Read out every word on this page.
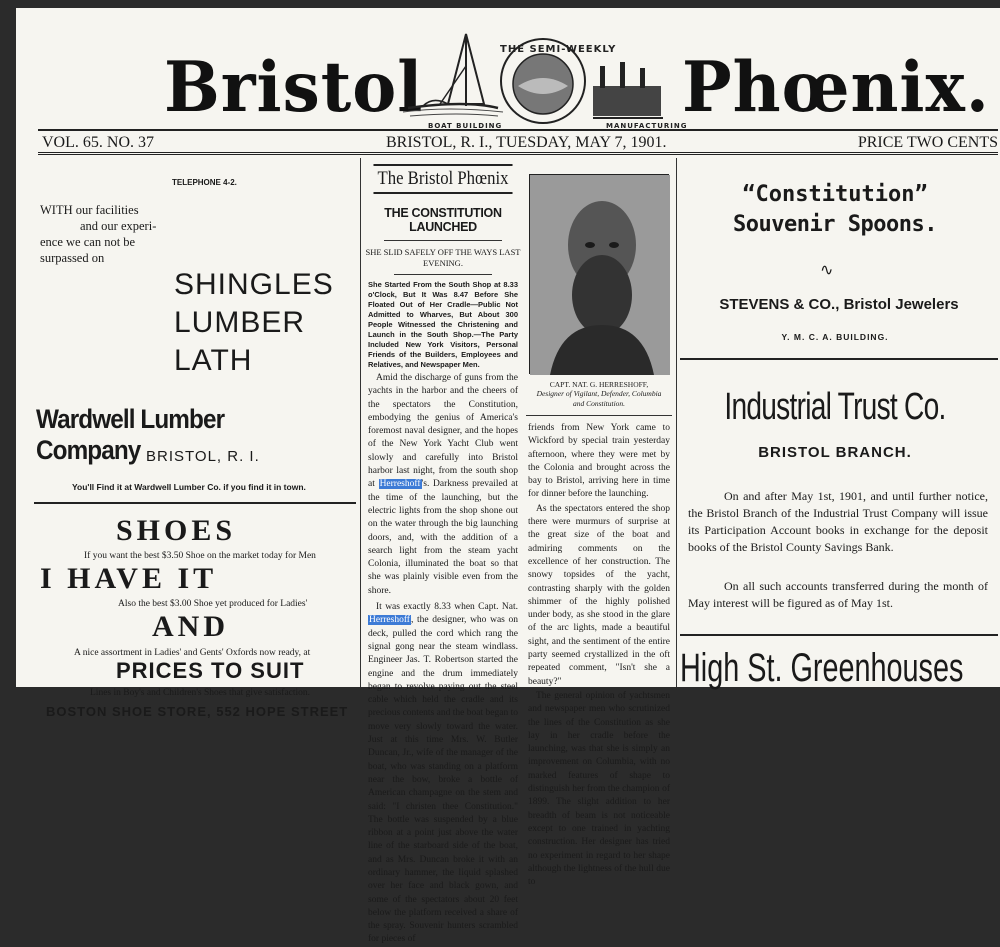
Bristol	THE SEMI-WEEKLY
BOAT BUILDING	MANUFACTURING
Phœnix.
VOL. 65. NO. 37	BRISTOL, R. I., TUESDAY, MAY 7, 1901.	PRICE TWO CENTS
TELEPHONE 4-2.
WITH our facilities
and our experi-
ence we can not be
surpassed on
SHINGLES
LUMBER
LATH
Wardwell Lumber Company BRISTOL, R. I.
You'll Find it at Wardwell Lumber Co. if you find it in town.
SHOES
If you want the best $3.50 Shoe on the market today for Men
I HAVE IT
Also the best $3.00 Shoe yet produced for Ladies'
AND
A nice assortment in Ladies' and Gents' Oxfords now ready, at
PRICES TO SUIT
Lines in Boy's and Children's Shoes that give satisfaction.
BOSTON SHOE STORE, 552 HOPE STREET
The Bristol Phœnix
THE CONSTITUTION LAUNCHED
SHE SLID SAFELY OFF THE WAYS LAST EVENING.
She Started From the South Shop at 8.33 o'Clock, But It Was 8.47 Before She Floated Out of Her Cradle—Public Not Admitted to Wharves, But About 300 People Witnessed the Christening and Launch in the South Shop.—The Party Included New York Visitors, Personal Friends of the Builders, Employees and Relatives, and Newspaper Men.
Amid the discharge of guns from the yachts in the harbor and the cheers of the spectators the Constitution, embodying the genius of America's foremost naval designer, and the hopes of the New York Yacht Club went slowly and carefully into Bristol harbor last night, from the south shop at Herreshoff's. Darkness prevailed at the time of the launching, but the electric lights from the shop shone out on the water through the big launching doors, and, with the addition of a search light from the steam yacht Colonia, illuminated the boat so that she was plainly visible even from the shore.
It was exactly 8.33 when Capt. Nat. Herreshoff, the designer, who was on deck, pulled the cord which rang the signal gong near the steam windlass. Engineer Jas. T. Robertson started the engine and the drum immediately began to revolve paying out the steel cable which held the cradle and its precious contents and the boat began to move very slowly toward the water. Just at this time Mrs. W. Butler Duncan, Jr., wife of the manager of the boat, who was standing on a platform near the bow, broke a bottle of American champagne on the stem and said: "I christen thee Constitution." The bottle was suspended by a blue ribbon at a point just above the water line of the starboard side of the boat, and as Mrs. Duncan broke it with an ordinary hammer, the liquid splashed over her face and black gown, and some of the spectators about 20 feet below the platform received a share of the spray. Souvenir hunters scrambled for pieces of
CAPT. NAT. G. HERRESHOFF,
Designer of Vigilant, Defender, Columbia and Constitution.
friends from New York came to Wickford by special train yesterday afternoon, where they were met by the Colonia and brought across the bay to Bristol, arriving here in time for dinner before the launching.
As the spectators entered the shop there were murmurs of surprise at the great size of the boat and admiring comments on the excellence of her construction. The snowy topsides of the yacht, contrasting sharply with the golden shimmer of the highly polished under body, as she stood in the glare of the arc lights, made a beautiful sight, and the sentiment of the entire party seemed crystallized in the oft repeated comment, "Isn't she a beauty?"
The general opinion of yachtsmen and newspaper men who scrutinized the lines of the Constitution as she lay in her cradle before the launching, was that she is simply an improvement on Columbia, with no marked features of shape to distinguish her from the champion of 1899. The slight addition to her breadth of beam is not noticeable except to one trained in yachting construction. Her designer has tried no experiment in regard to her shape although the lightness of the hull due to
“Constitution”
Souvenir Spoons.
∿
STEVENS & CO., Bristol Jewelers
Y. M. C. A. BUILDING.
Industrial Trust Co.
BRISTOL BRANCH.
On and after May 1st, 1901, and until further notice, the Bristol Branch of the Industrial Trust Company will issue its Participation Account books in exchange for the deposit books of the Bristol County Savings Bank.
On all such accounts transferred during the month of May interest will be figured as of May 1st.
High St. Greenhouses
